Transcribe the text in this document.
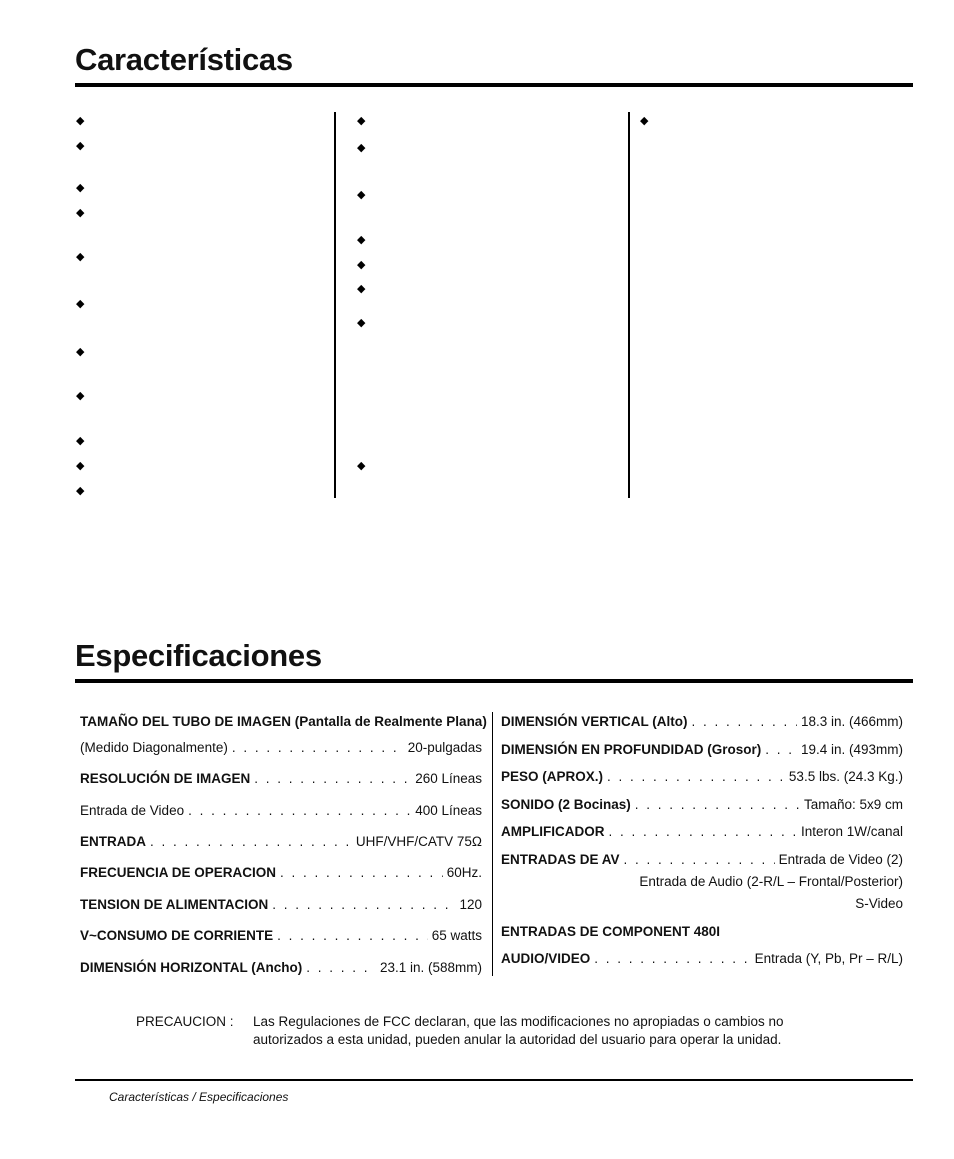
Características
◆
◆
◆
◆
◆
◆
◆
◆
◆
◆
◆
◆
◆
◆
◆
◆
◆
◆
◆
◆
Especificaciones
TAMAÑO DEL TUBO DE IMAGEN (Pantalla de Realmente Plana)
(Medido Diagonalmente) . . .	20-pulgadas
RESOLUCIÓN DE IMAGEN . . .	260 Líneas
Entrada de Video . . .	400 Líneas
ENTRADA . . .	UHF/VHF/CATV 75Ω
FRECUENCIA DE OPERACION . . .	60Hz.
TENSION DE ALIMENTACION . . .	120
V~CONSUMO DE CORRIENTE . . .	65 watts
DIMENSIÓN HORIZONTAL (Ancho) . . .	23.1 in. (588mm)
DIMENSIÓN VERTICAL (Alto) . . .	18.3 in. (466mm)
DIMENSIÓN EN PROFUNDIDAD (Grosor) . . .	19.4 in. (493mm)
PESO (APROX.) . . .	53.5 lbs. (24.3 Kg.)
SONIDO (2 Bocinas) . . .	Tamaño: 5x9 cm
AMPLIFICADOR . . .	Interon 1W/canal
ENTRADAS DE AV . . .	Entrada de Video (2)
Entrada de Audio (2-R/L – Frontal/Posterior)
S-Video
ENTRADAS DE COMPONENT 480I
AUDIO/VIDEO . . .	Entrada (Y, Pb, Pr – R/L)
PRECAUCION : Las Regulaciones de FCC declaran, que las modificaciones no apropiadas o cambios no
autorizados a esta unidad, pueden anular la autoridad del usuario para operar la unidad.
Características / Especificaciones
